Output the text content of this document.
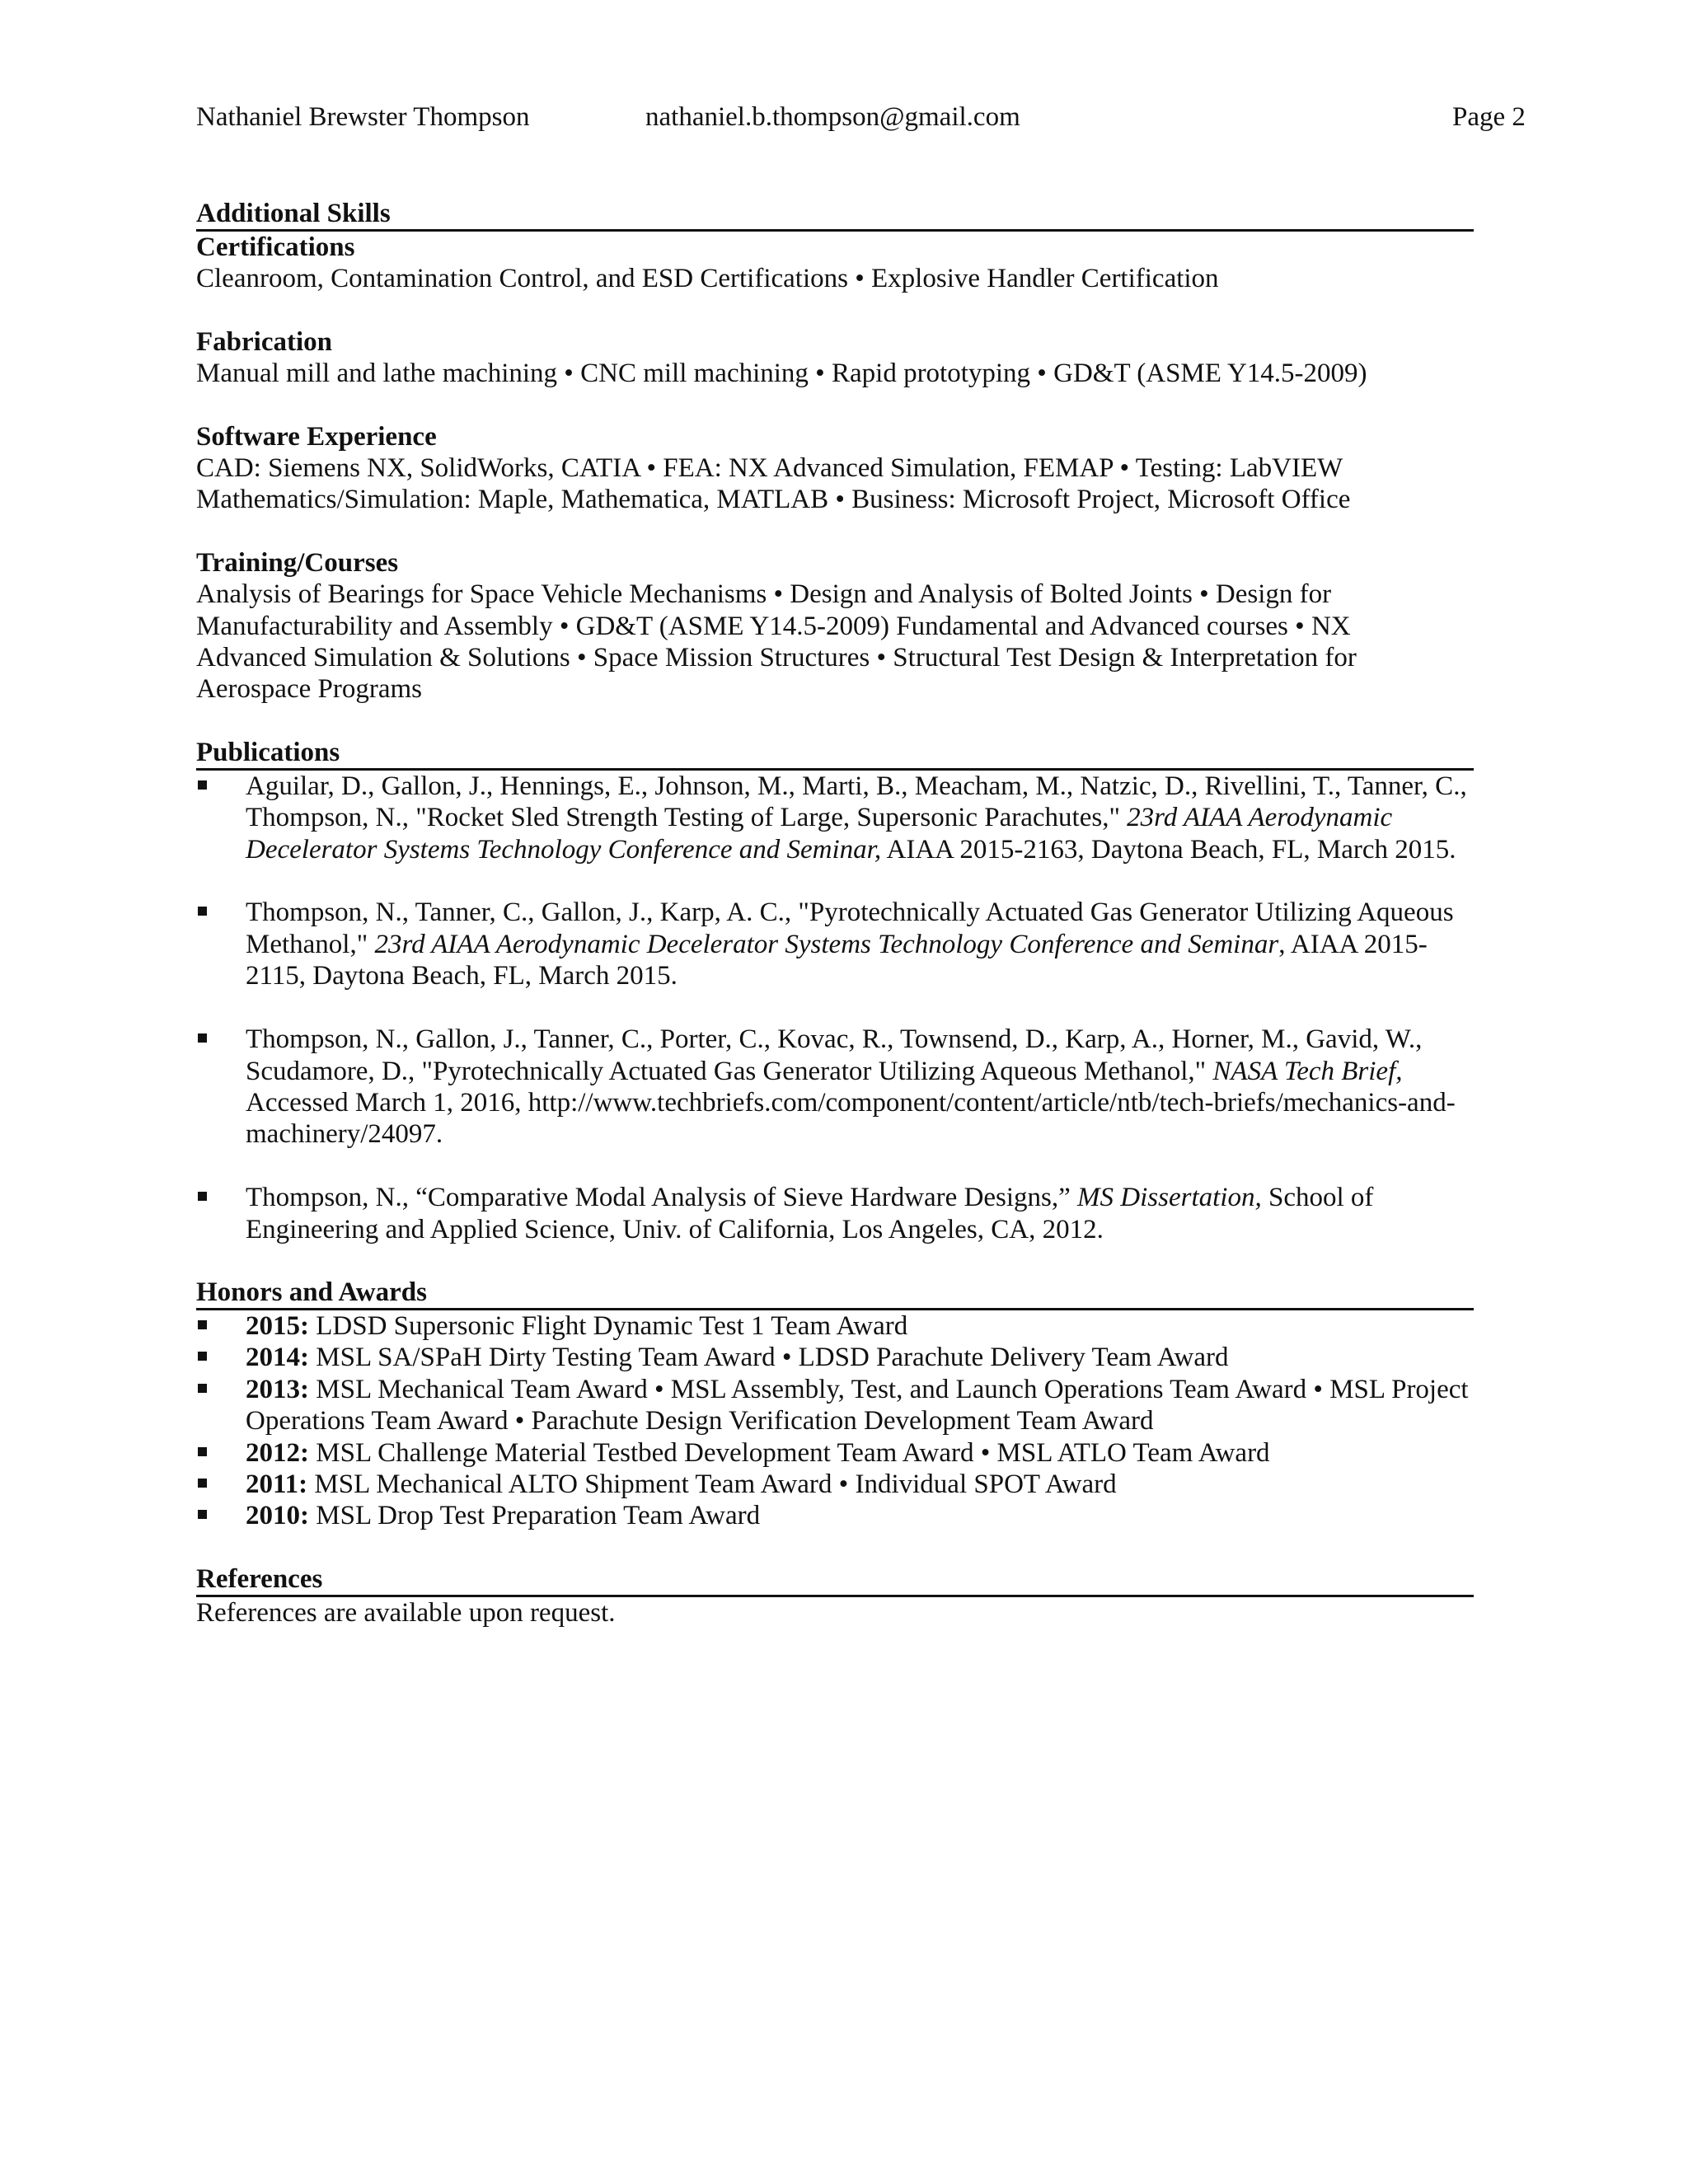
Nathaniel Brewster Thompson	nathaniel.b.thompson@gmail.com	Page 2
Additional Skills
Certifications
Cleanroom, Contamination Control, and ESD Certifications • Explosive Handler Certification
Fabrication
Manual mill and lathe machining • CNC mill machining • Rapid prototyping • GD&T (ASME Y14.5-2009)
Software Experience
CAD: Siemens NX, SolidWorks, CATIA • FEA: NX Advanced Simulation, FEMAP • Testing: LabVIEW
Mathematics/Simulation: Maple, Mathematica, MATLAB • Business: Microsoft Project, Microsoft Office
Training/Courses
Analysis of Bearings for Space Vehicle Mechanisms • Design and Analysis of Bolted Joints • Design for
Manufacturability and Assembly • GD&T (ASME Y14.5-2009) Fundamental and Advanced courses • NX
Advanced Simulation & Solutions • Space Mission Structures • Structural Test Design & Interpretation for
Aerospace Programs
Publications
Aguilar, D., Gallon, J., Hennings, E., Johnson, M., Marti, B., Meacham, M., Natzic, D., Rivellini, T., Tanner, C., Thompson, N., "Rocket Sled Strength Testing of Large, Supersonic Parachutes," 23rd AIAA Aerodynamic Decelerator Systems Technology Conference and Seminar, AIAA 2015-2163, Daytona Beach, FL, March 2015.
Thompson, N., Tanner, C., Gallon, J., Karp, A. C., "Pyrotechnically Actuated Gas Generator Utilizing Aqueous Methanol," 23rd AIAA Aerodynamic Decelerator Systems Technology Conference and Seminar, AIAA 2015-2115, Daytona Beach, FL, March 2015.
Thompson, N., Gallon, J., Tanner, C., Porter, C., Kovac, R., Townsend, D., Karp, A., Horner, M., Gavid, W., Scudamore, D., "Pyrotechnically Actuated Gas Generator Utilizing Aqueous Methanol," NASA Tech Brief, Accessed March 1, 2016, http://www.techbriefs.com/component/content/article/ntb/tech-briefs/mechanics-and-machinery/24097.
Thompson, N., “Comparative Modal Analysis of Sieve Hardware Designs,” MS Dissertation, School of Engineering and Applied Science, Univ. of California, Los Angeles, CA, 2012.
Honors and Awards
2015: LDSD Supersonic Flight Dynamic Test 1 Team Award
2014: MSL SA/SPaH Dirty Testing Team Award • LDSD Parachute Delivery Team Award
2013: MSL Mechanical Team Award • MSL Assembly, Test, and Launch Operations Team Award • MSL Project Operations Team Award • Parachute Design Verification Development Team Award
2012: MSL Challenge Material Testbed Development Team Award • MSL ATLO Team Award
2011: MSL Mechanical ALTO Shipment Team Award • Individual SPOT Award
2010: MSL Drop Test Preparation Team Award
References
References are available upon request.
